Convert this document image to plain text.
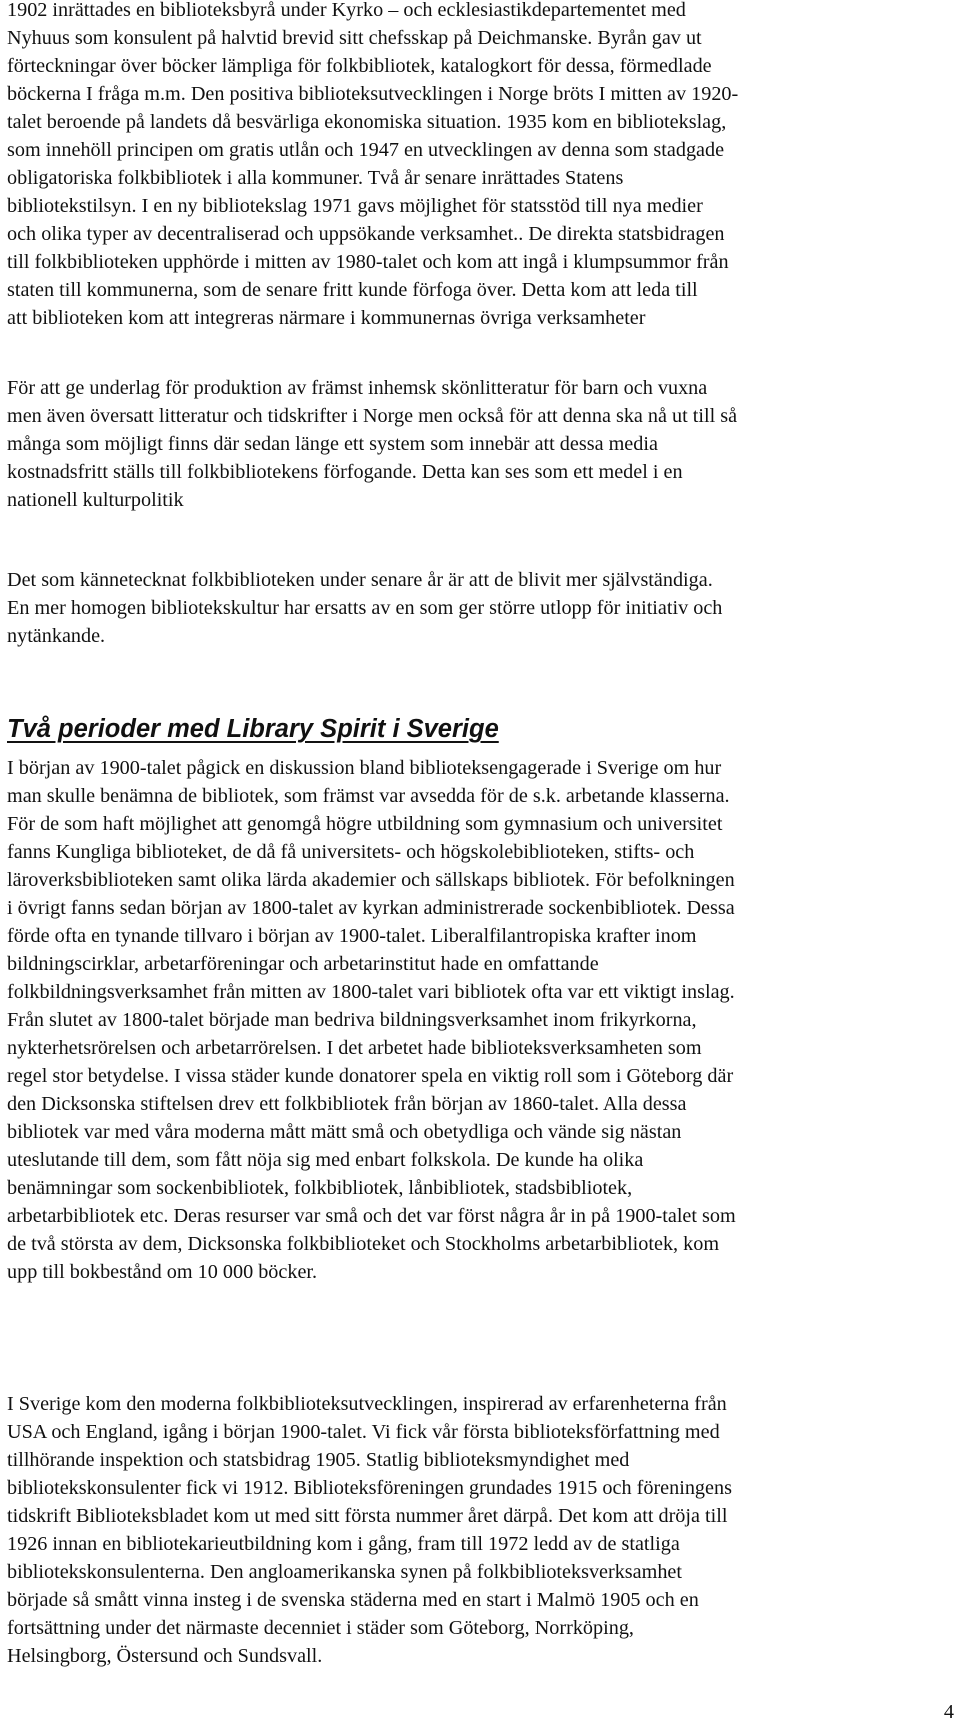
1902 inrättades en biblioteksbyrå under Kyrko – och ecklesiastikdepartementet med
Nyhuus som konsulent på halvtid brevid sitt chefsskap på Deichmanske. Byrån gav ut
förteckningar över böcker lämpliga för folkbibliotek, katalogkort för dessa, förmedlade
böckerna I fråga m.m. Den positiva biblioteksutvecklingen i Norge bröts I mitten av 1920-
talet beroende på landets då besvärliga ekonomiska situation. 1935 kom en bibliotekslag,
som innehöll principen om gratis utlån och 1947 en utvecklingen av denna som stadgade
obligatoriska folkbibliotek i alla kommuner. Två år senare inrättades Statens
bibliotekstilsyn. I en ny bibliotekslag 1971 gavs möjlighet för statsstöd till nya medier
och olika typer av decentraliserad och uppsökande verksamhet.. De direkta statsbidragen
till folkbiblioteken upphörde i mitten av 1980-talet och kom att ingå i klumpsummor från
staten till kommunerna, som de senare fritt kunde förfoga över. Detta kom att leda till
att biblioteken kom att integreras närmare i kommunernas övriga verksamheter
För att ge underlag för produktion av främst inhemsk skönlitteratur för barn och vuxna
men även översatt litteratur och tidskrifter i Norge men också för att denna ska nå ut till så
många som möjligt finns där sedan länge ett system som innebär att dessa media
kostnadsfritt ställs till folkbibliotekens förfogande. Detta kan ses som ett medel i en
nationell kulturpolitik
Det som kännetecknat folkbiblioteken under senare år är att de blivit mer självständiga.
En mer homogen bibliotekskultur har ersatts av en som ger större utlopp för initiativ och
nytänkande.
Två perioder med Library Spirit i Sverige
I början av 1900-talet pågick en diskussion bland biblioteksengagerade i Sverige om hur
man skulle benämna de bibliotek, som främst var avsedda för de s.k. arbetande klasserna.
För de som haft möjlighet att genomgå högre utbildning som gymnasium och universitet
fanns Kungliga biblioteket, de då få universitets- och högskolebiblioteken, stifts- och
läroverksbiblioteken samt olika lärda akademier och sällskaps bibliotek. För befolkningen
i övrigt fanns sedan början av 1800-talet av kyrkan administrerade sockenbibliotek. Dessa
förde ofta en tynande tillvaro i början av 1900-talet. Liberalfilantropiska krafter inom
bildningscirklar, arbetarföreningar och arbetarinstitut hade en omfattande
folkbildningsverksamhet från mitten av 1800-talet vari bibliotek ofta var ett viktigt inslag.
Från slutet av 1800-talet började man bedriva bildningsverksamhet inom frikyrkorna,
nykterhetsrörelsen och arbetarrörelsen. I det arbetet hade biblioteksverksamheten som
regel stor betydelse. I vissa städer kunde donatorer spela en viktig roll som i Göteborg där
den Dicksonska stiftelsen drev ett folkbibliotek från början av 1860-talet. Alla dessa
bibliotek var med våra moderna mått mätt små och obetydliga och vände sig nästan
uteslutande till dem, som fått nöja sig med enbart folkskola. De kunde ha olika
benämningar som sockenbibliotek, folkbibliotek, lånbibliotek, stadsbibliotek,
arbetarbibliotek etc. Deras resurser var små och det var först några år in på 1900-talet som
de två största av dem, Dicksonska folkbiblioteket och Stockholms arbetarbibliotek, kom
upp till bokbestånd om 10 000 böcker.
I Sverige kom den moderna folkbiblioteksutvecklingen, inspirerad av erfarenheterna från
USA och England, igång i början 1900-talet. Vi fick vår första biblioteksförfattning med
tillhörande inspektion och statsbidrag 1905. Statlig biblioteksmyndighet med
bibliotekskonsulenter fick vi 1912. Biblioteksföreningen grundades 1915 och föreningens
tidskrift Biblioteksbladet kom ut med sitt första nummer året därpå. Det kom att dröja till
1926 innan en bibliotekarieutbildning kom i gång, fram till 1972 ledd av de statliga
bibliotekskonsulenterna. Den angloamerikanska synen på folkbiblioteksverksamhet
började så smått vinna insteg i de svenska städerna med en start i Malmö 1905 och en
fortsättning under det närmaste decenniet i städer som Göteborg, Norrköping,
Helsingborg, Östersund och Sundsvall.
4
